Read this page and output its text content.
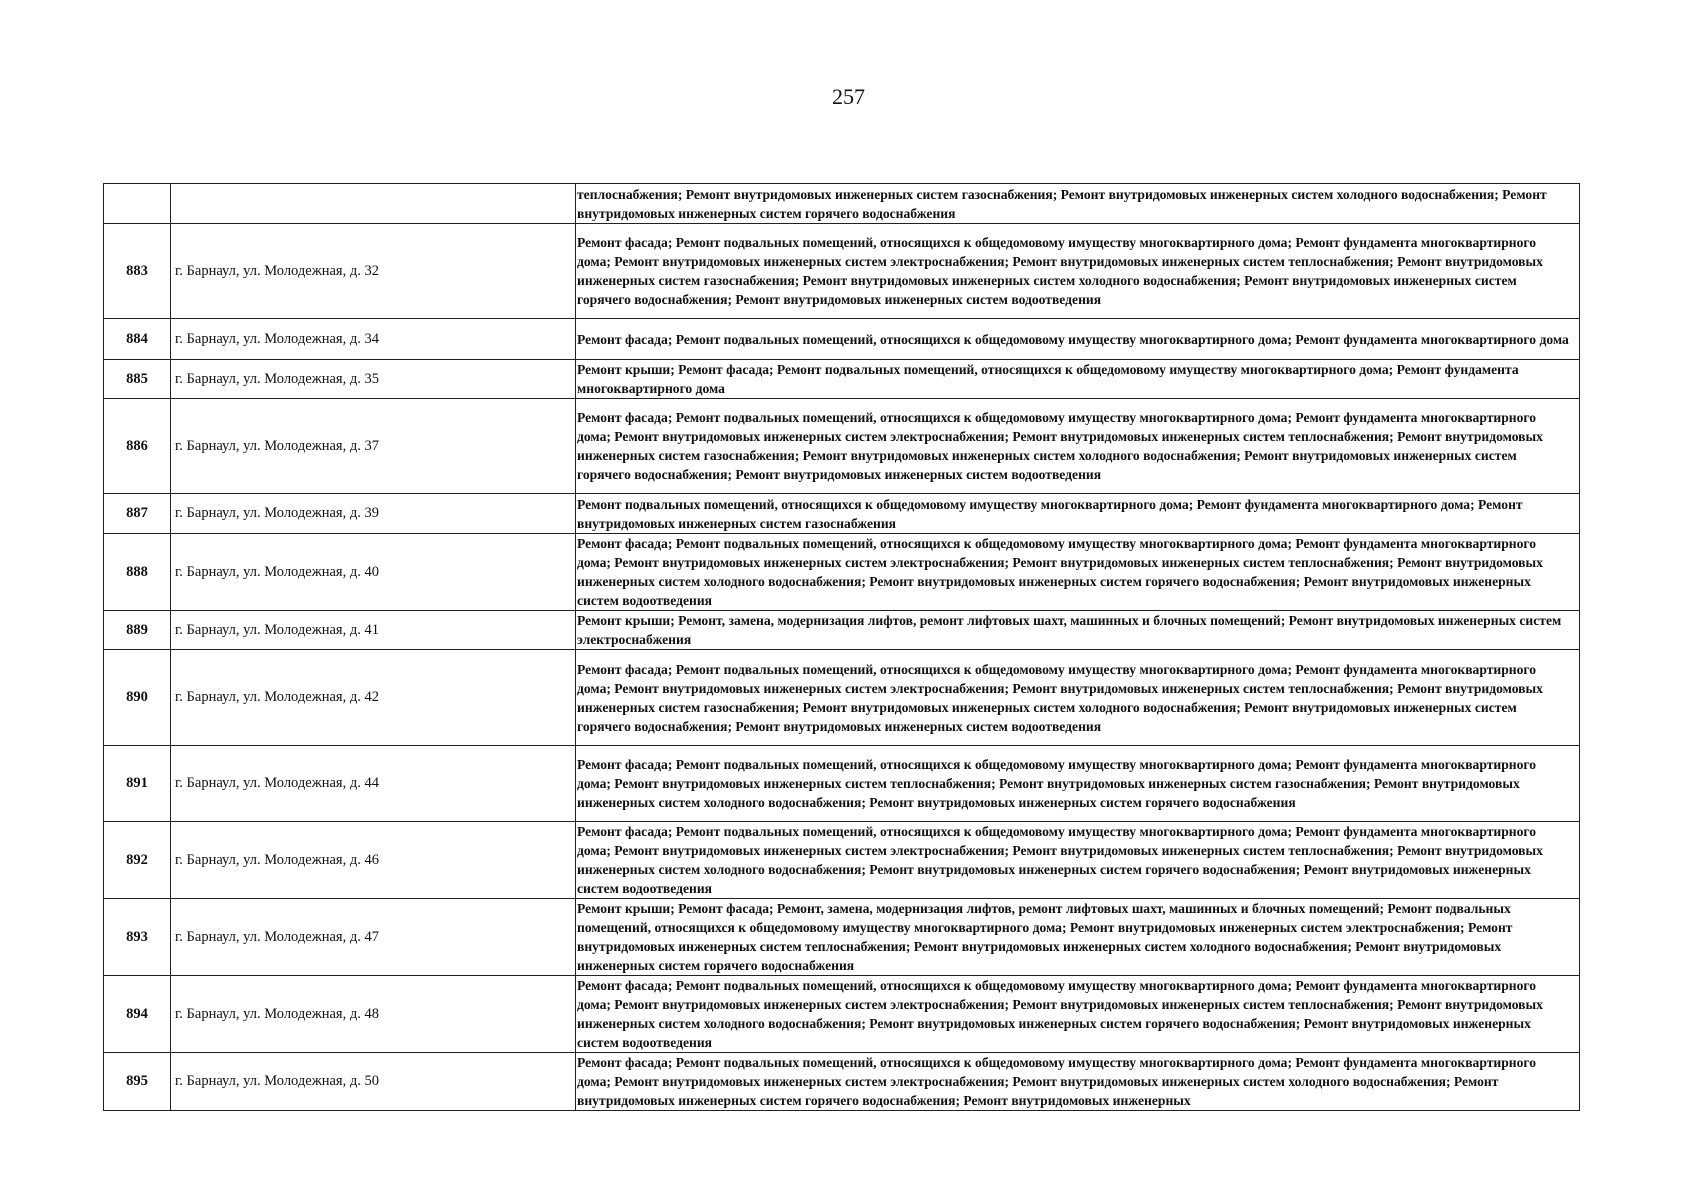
257
		теплоснабжения; Ремонт внутридомовых инженерных систем газоснабжения; Ремонт внутридомовых инженерных систем холодного водоснабжения; Ремонт внутридомовых инженерных систем горячего водоснабжения
883	г. Барнаул, ул. Молодежная, д. 32	Ремонт фасада; Ремонт подвальных помещений, относящихся к общедомовому имуществу многоквартирного дома; Ремонт фундамента многоквартирного дома; Ремонт внутридомовых инженерных систем электроснабжения; Ремонт внутридомовых инженерных систем теплоснабжения; Ремонт внутридомовых инженерных систем газоснабжения; Ремонт внутридомовых инженерных систем холодного водоснабжения; Ремонт внутридомовых инженерных систем горячего водоснабжения; Ремонт внутридомовых инженерных систем водоотведения
884	г. Барнаул, ул. Молодежная, д. 34	Ремонт фасада; Ремонт подвальных помещений, относящихся к общедомовому имуществу многоквартирного дома; Ремонт фундамента многоквартирного дома
885	г. Барнаул, ул. Молодежная, д. 35	Ремонт крыши; Ремонт фасада; Ремонт подвальных помещений, относящихся к общедомовому имуществу многоквартирного дома; Ремонт фундамента многоквартирного дома
886	г. Барнаул, ул. Молодежная, д. 37	Ремонт фасада; Ремонт подвальных помещений, относящихся к общедомовому имуществу многоквартирного дома; Ремонт фундамента многоквартирного дома; Ремонт внутридомовых инженерных систем электроснабжения; Ремонт внутридомовых инженерных систем теплоснабжения; Ремонт внутридомовых инженерных систем газоснабжения; Ремонт внутридомовых инженерных систем холодного водоснабжения; Ремонт внутридомовых инженерных систем горячего водоснабжения; Ремонт внутридомовых инженерных систем водоотведения
887	г. Барнаул, ул. Молодежная, д. 39	Ремонт подвальных помещений, относящихся к общедомовому имуществу многоквартирного дома; Ремонт фундамента многоквартирного дома; Ремонт внутридомовых инженерных систем газоснабжения
888	г. Барнаул, ул. Молодежная, д. 40	Ремонт фасада; Ремонт подвальных помещений, относящихся к общедомовому имуществу многоквартирного дома; Ремонт фундамента многоквартирного дома; Ремонт внутридомовых инженерных систем электроснабжения; Ремонт внутридомовых инженерных систем теплоснабжения; Ремонт внутридомовых инженерных систем холодного водоснабжения; Ремонт внутридомовых инженерных систем горячего водоснабжения; Ремонт внутридомовых инженерных систем водоотведения
889	г. Барнаул, ул. Молодежная, д. 41	Ремонт крыши; Ремонт, замена, модернизация лифтов, ремонт лифтовых шахт, машинных и блочных помещений; Ремонт внутридомовых инженерных систем электроснабжения
890	г. Барнаул, ул. Молодежная, д. 42	Ремонт фасада; Ремонт подвальных помещений, относящихся к общедомовому имуществу многоквартирного дома; Ремонт фундамента многоквартирного дома; Ремонт внутридомовых инженерных систем электроснабжения; Ремонт внутридомовых инженерных систем теплоснабжения; Ремонт внутридомовых инженерных систем газоснабжения; Ремонт внутридомовых инженерных систем холодного водоснабжения; Ремонт внутридомовых инженерных систем горячего водоснабжения; Ремонт внутридомовых инженерных систем водоотведения
891	г. Барнаул, ул. Молодежная, д. 44	Ремонт фасада; Ремонт подвальных помещений, относящихся к общедомовому имуществу многоквартирного дома; Ремонт фундамента многоквартирного дома; Ремонт внутридомовых инженерных систем теплоснабжения; Ремонт внутридомовых инженерных систем газоснабжения; Ремонт внутридомовых инженерных систем холодного водоснабжения; Ремонт внутридомовых инженерных систем горячего водоснабжения
892	г. Барнаул, ул. Молодежная, д. 46	Ремонт фасада; Ремонт подвальных помещений, относящихся к общедомовому имуществу многоквартирного дома; Ремонт фундамента многоквартирного дома; Ремонт внутридомовых инженерных систем электроснабжения; Ремонт внутридомовых инженерных систем теплоснабжения; Ремонт внутридомовых инженерных систем холодного водоснабжения; Ремонт внутридомовых инженерных систем горячего водоснабжения; Ремонт внутридомовых инженерных систем водоотведения
893	г. Барнаул, ул. Молодежная, д. 47	Ремонт крыши; Ремонт фасада; Ремонт, замена, модернизация лифтов, ремонт лифтовых шахт, машинных и блочных помещений; Ремонт подвальных помещений, относящихся к общедомовому имуществу многоквартирного дома; Ремонт внутридомовых инженерных систем электроснабжения; Ремонт внутридомовых инженерных систем теплоснабжения; Ремонт внутридомовых инженерных систем холодного водоснабжения; Ремонт внутридомовых инженерных систем горячего водоснабжения
894	г. Барнаул, ул. Молодежная, д. 48	Ремонт фасада; Ремонт подвальных помещений, относящихся к общедомовому имуществу многоквартирного дома; Ремонт фундамента многоквартирного дома; Ремонт внутридомовых инженерных систем электроснабжения; Ремонт внутридомовых инженерных систем теплоснабжения; Ремонт внутридомовых инженерных систем холодного водоснабжения; Ремонт внутридомовых инженерных систем горячего водоснабжения; Ремонт внутридомовых инженерных систем водоотведения
895	г. Барнаул, ул. Молодежная, д. 50	Ремонт фасада; Ремонт подвальных помещений, относящихся к общедомовому имуществу многоквартирного дома; Ремонт фундамента многоквартирного дома; Ремонт внутридомовых инженерных систем электроснабжения; Ремонт внутридомовых инженерных систем холодного водоснабжения; Ремонт внутридомовых инженерных систем горячего водоснабжения; Ремонт внутридомовых инженерных
